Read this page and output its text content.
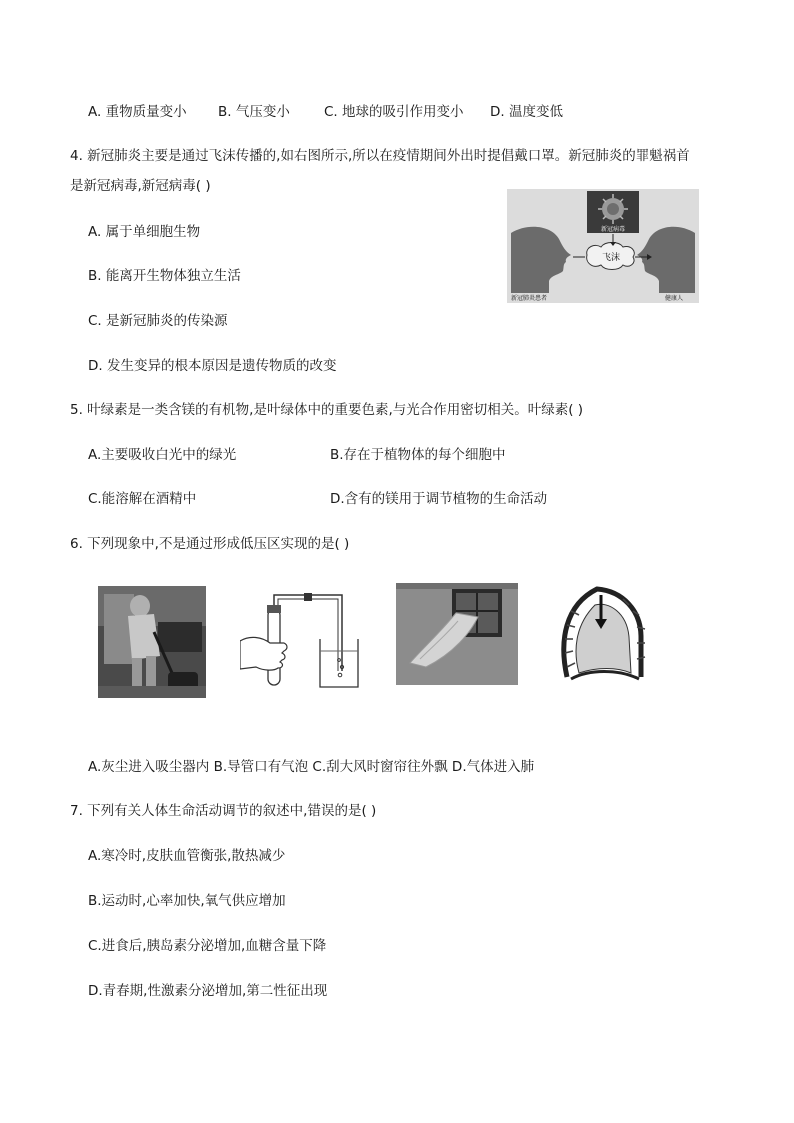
A. 重物质量变小 B. 气压变小	C. 地球的吸引作用变小 D. 温度变低
4. 新冠肺炎主要是通过飞沫传播的,如右图所示,所以在疫情期间外出时提倡戴口罩。新冠肺炎的罪魁祸首
是新冠病毒,新冠病毒( )
A. 属于单细胞生物
B. 能离开生物体独立生活
C. 是新冠肺炎的传染源
D. 发生变异的根本原因是遗传物质的改变
新冠病毒
飞沫
新冠肺炎患者	健康人
5. 叶绿素是一类含镁的有机物,是叶绿体中的重要色素,与光合作用密切相关。叶绿素( )
A.主要吸收白光中的绿光	B.存在于植物体的每个细胞中
C.能溶解在酒精中	D.含有的镁用于调节植物的生命活动
6. 下列现象中,不是通过形成低压区实现的是( )
A.灰尘进入吸尘器内 B.导管口有气泡 C.刮大风时窗帘往外飘 D.气体进入肺
7. 下列有关人体生命活动调节的叙述中,错误的是( )
A.寒冷时,皮肤血管衡张,散热减少
B.运动时,心率加快,氧气供应增加
C.进食后,胰岛素分泌增加,血糖含量下降
D.青春期,性激素分泌增加,第二性征出现
